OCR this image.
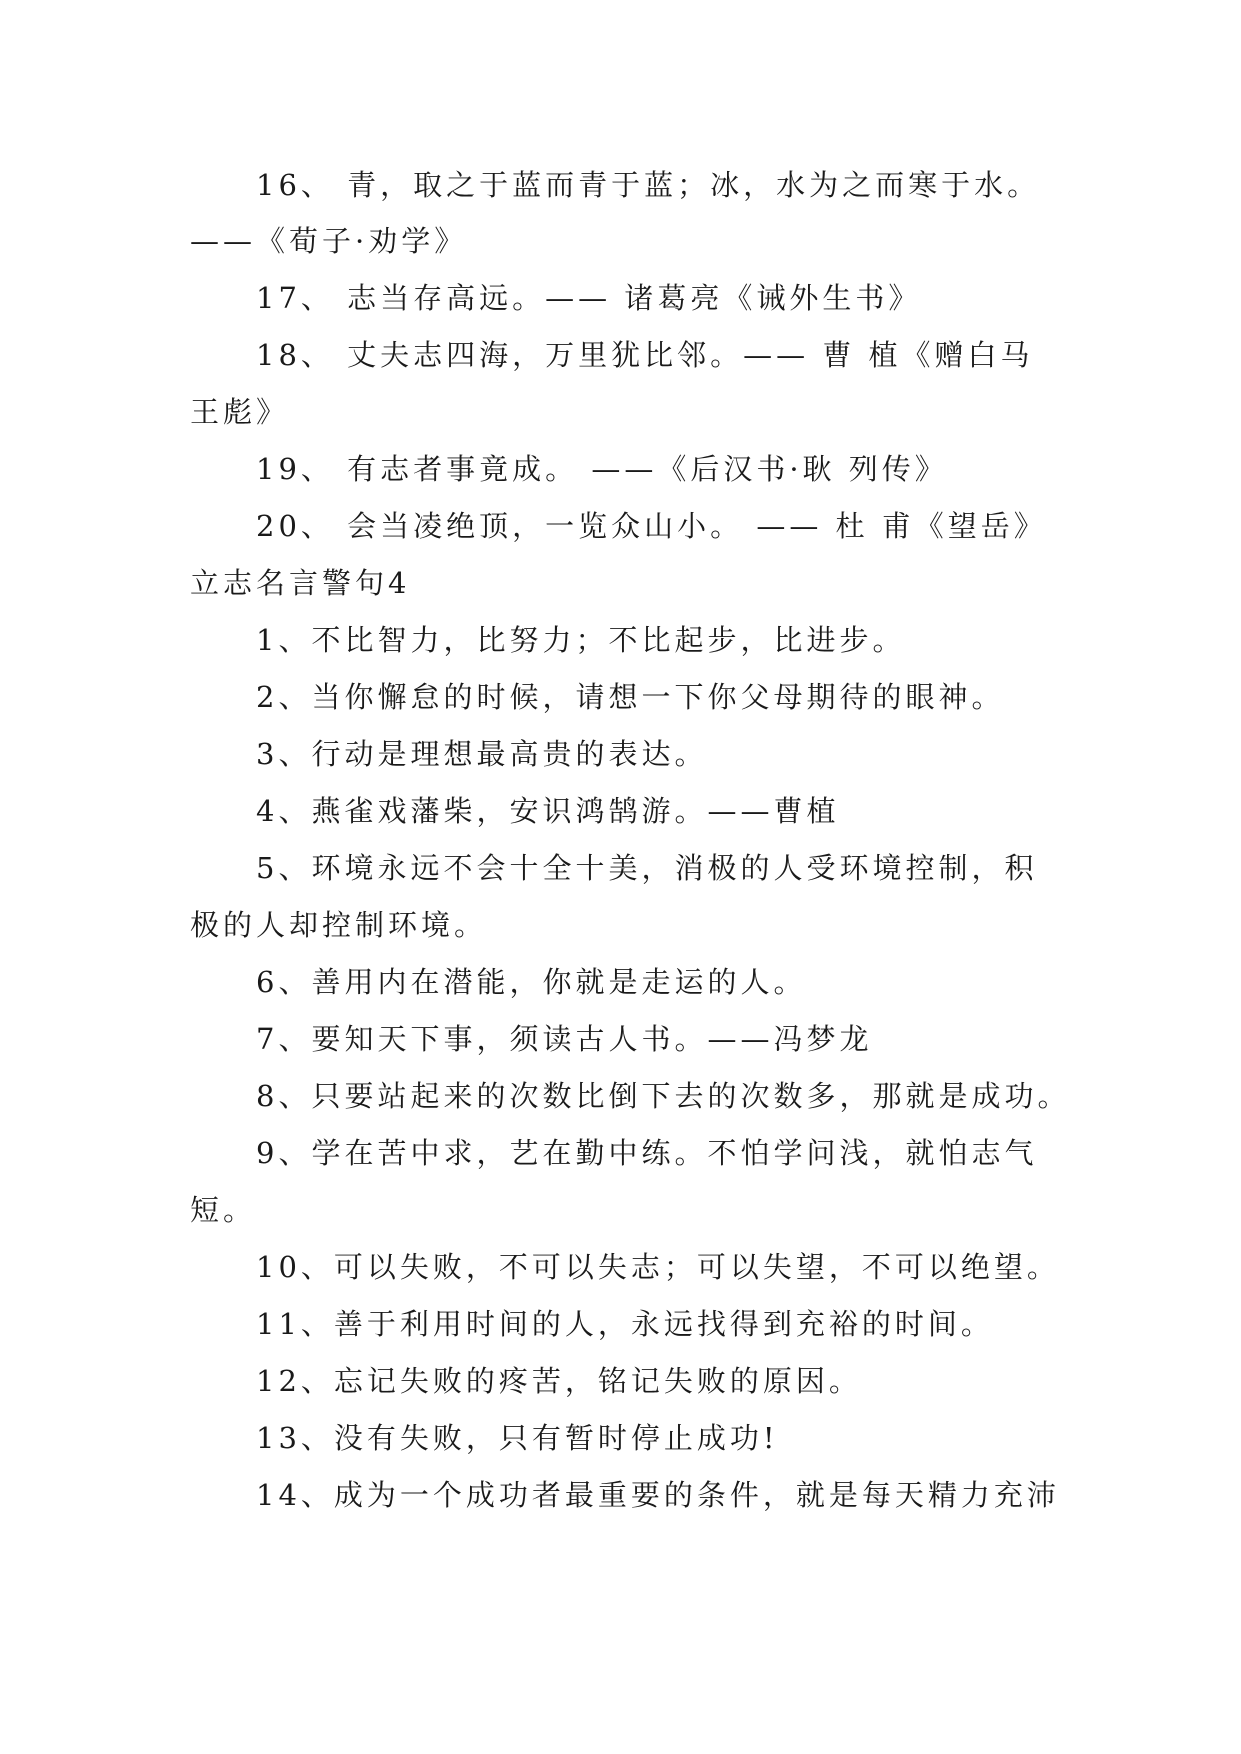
16、 青，取之于蓝而青于蓝；冰，水为之而寒于水。
——《荀子·劝学》
17、 志当存高远。—— 诸葛亮《诫外生书》
18、 丈夫志四海，万里犹比邻。—— 曹 植《赠白马
王彪》
19、 有志者事竟成。 ——《后汉书·耿 列传》
20、 会当凌绝顶，一览众山小。 —— 杜 甫《望岳》
立志名言警句4
1、不比智力，比努力；不比起步，比进步。
2、当你懈怠的时候，请想一下你父母期待的眼神。
3、行动是理想最高贵的表达。
4、燕雀戏藩柴，安识鸿鹄游。——曹植
5、环境永远不会十全十美，消极的人受环境控制，积
极的人却控制环境。
6、善用内在潜能，你就是走运的人。
7、要知天下事，须读古人书。——冯梦龙
8、只要站起来的次数比倒下去的次数多，那就是成功。
9、学在苦中求，艺在勤中练。不怕学问浅，就怕志气
短。
10、可以失败，不可以失志；可以失望，不可以绝望。
11、善于利用时间的人，永远找得到充裕的时间。
12、忘记失败的疼苦，铭记失败的原因。
13、没有失败，只有暂时停止成功!
14、成为一个成功者最重要的条件，就是每天精力充沛
